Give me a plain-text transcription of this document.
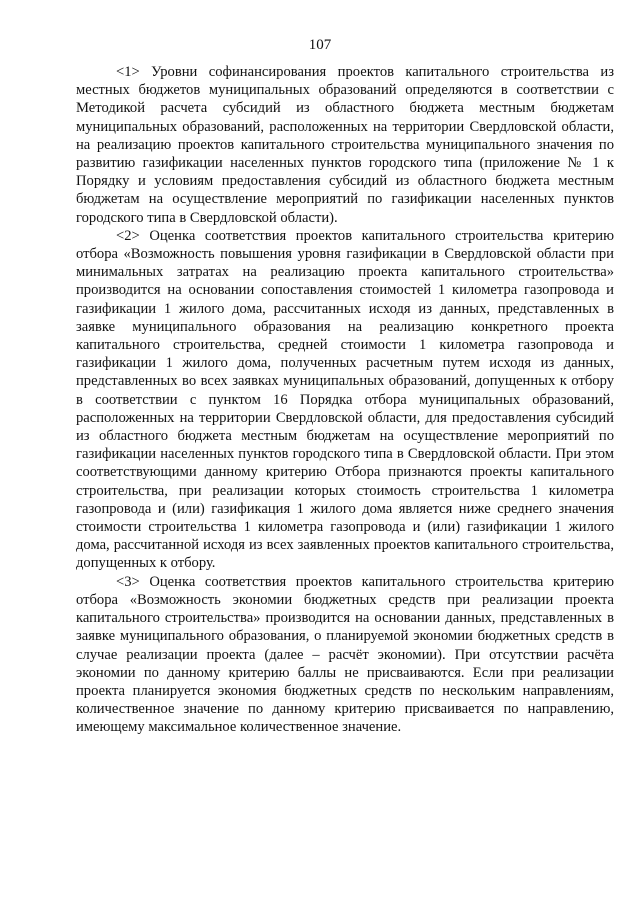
107

<1> Уровни софинансирования проектов капитального строительства из местных бюджетов муниципальных образований определяются в соответствии с Методикой расчета субсидий из областного бюджета местным бюджетам муниципальных образований, расположенных на территории Свердловской области, на реализацию проектов капитального строительства муниципального значения по развитию газификации населенных пунктов городского типа (приложение № 1 к Порядку и условиям предоставления субсидий из областного бюджета местным бюджетам на осуществление мероприятий по газификации населенных пунктов городского типа в Свердловской области).

<2> Оценка соответствия проектов капитального строительства критерию отбора «Возможность повышения уровня газификации в Свердловской области при минимальных затратах на реализацию проекта капитального строительства» производится на основании сопоставления стоимостей 1 километра газопровода и газификации 1 жилого дома, рассчитанных исходя из данных, представленных в заявке муниципального образования на реализацию конкретного проекта капитального строительства, средней стоимости 1 километра газопровода и газификации 1 жилого дома, полученных расчетным путем исходя из данных, представленных во всех заявках муниципальных образований, допущенных к отбору в соответствии с пунктом 16 Порядка отбора муниципальных образований, расположенных на территории Свердловской области, для предоставления субсидий из областного бюджета местным бюджетам на осуществление мероприятий по газификации населенных пунктов городского типа в Свердловской области. При этом соответствующими данному критерию Отбора признаются проекты капитального строительства, при реализации которых стоимость строительства 1 километра газопровода и (или) газификация 1 жилого дома является ниже среднего значения стоимости строительства 1 километра газопровода и (или) газификации 1 жилого дома, рассчитанной исходя из всех заявленных проектов капитального строительства, допущенных к отбору.

<3> Оценка соответствия проектов капитального строительства критерию отбора «Возможность экономии бюджетных средств при реализации проекта капитального строительства» производится на основании данных, представленных в заявке муниципального образования, о планируемой экономии бюджетных средств в случае реализации проекта (далее – расчёт экономии). При отсутствии расчёта экономии по данному критерию баллы не присваиваются. Если при реализации проекта планируется экономия бюджетных средств по нескольким направлениям, количественное значение по данному критерию присваивается по направлению, имеющему максимальное количественное значение.
